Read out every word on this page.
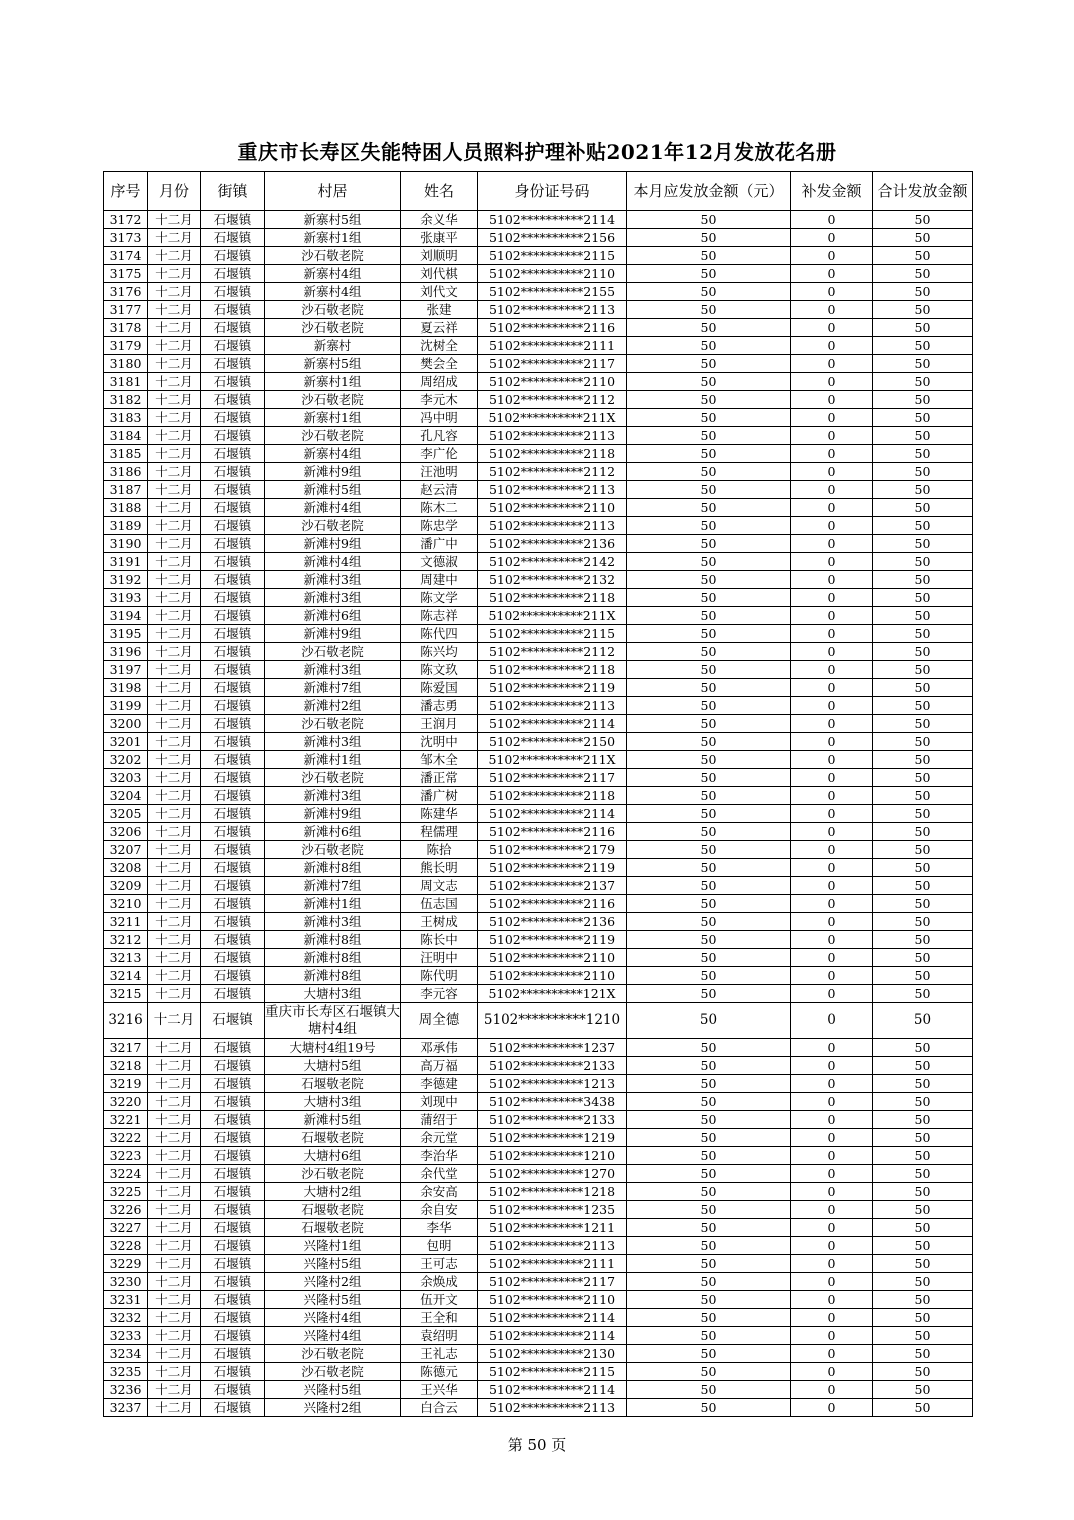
重庆市长寿区失能特困人员照料护理补贴2021年12月发放花名册
序号	月份	街镇	村居	姓名	身份证号码	本月应发放金额（元）	补发金额	合计发放金额
3172	十二月	石堰镇	新寨村5组	余义华	5102**********2114	50	0	50
3173	十二月	石堰镇	新寨村1组	张康平	5102**********2156	50	0	50
3174	十二月	石堰镇	沙石敬老院	刘顺明	5102**********2115	50	0	50
3175	十二月	石堰镇	新寨村4组	刘代棋	5102**********2110	50	0	50
3176	十二月	石堰镇	新寨村4组	刘代文	5102**********2155	50	0	50
3177	十二月	石堰镇	沙石敬老院	张建	5102**********2113	50	0	50
3178	十二月	石堰镇	沙石敬老院	夏云祥	5102**********2116	50	0	50
3179	十二月	石堰镇	新寨村	沈树全	5102**********2111	50	0	50
3180	十二月	石堰镇	新寨村5组	樊会全	5102**********2117	50	0	50
3181	十二月	石堰镇	新寨村1组	周绍成	5102**********2110	50	0	50
3182	十二月	石堰镇	沙石敬老院	李元木	5102**********2112	50	0	50
3183	十二月	石堰镇	新寨村1组	冯中明	5102**********211X	50	0	50
3184	十二月	石堰镇	沙石敬老院	孔凡容	5102**********2113	50	0	50
3185	十二月	石堰镇	新寨村4组	李广伦	5102**********2118	50	0	50
3186	十二月	石堰镇	新滩村9组	汪池明	5102**********2112	50	0	50
3187	十二月	石堰镇	新滩村5组	赵云清	5102**********2113	50	0	50
3188	十二月	石堰镇	新滩村4组	陈木二	5102**********2110	50	0	50
3189	十二月	石堰镇	沙石敬老院	陈忠学	5102**********2113	50	0	50
3190	十二月	石堰镇	新滩村9组	潘广中	5102**********2136	50	0	50
3191	十二月	石堰镇	新滩村4组	文德淑	5102**********2142	50	0	50
3192	十二月	石堰镇	新滩村3组	周建中	5102**********2132	50	0	50
3193	十二月	石堰镇	新滩村3组	陈文学	5102**********2118	50	0	50
3194	十二月	石堰镇	新滩村6组	陈志祥	5102**********211X	50	0	50
3195	十二月	石堰镇	新滩村9组	陈代四	5102**********2115	50	0	50
3196	十二月	石堰镇	沙石敬老院	陈兴均	5102**********2112	50	0	50
3197	十二月	石堰镇	新滩村3组	陈文玖	5102**********2118	50	0	50
3198	十二月	石堰镇	新滩村7组	陈爱国	5102**********2119	50	0	50
3199	十二月	石堰镇	新滩村2组	潘志勇	5102**********2113	50	0	50
3200	十二月	石堰镇	沙石敬老院	王润月	5102**********2114	50	0	50
3201	十二月	石堰镇	新滩村3组	沈明中	5102**********2150	50	0	50
3202	十二月	石堰镇	新滩村1组	邹木全	5102**********211X	50	0	50
3203	十二月	石堰镇	沙石敬老院	潘正常	5102**********2117	50	0	50
3204	十二月	石堰镇	新滩村3组	潘广树	5102**********2118	50	0	50
3205	十二月	石堰镇	新滩村9组	陈建华	5102**********2114	50	0	50
3206	十二月	石堰镇	新滩村6组	程儒理	5102**********2116	50	0	50
3207	十二月	石堰镇	沙石敬老院	陈拾	5102**********2179	50	0	50
3208	十二月	石堰镇	新滩村8组	熊长明	5102**********2119	50	0	50
3209	十二月	石堰镇	新滩村7组	周文志	5102**********2137	50	0	50
3210	十二月	石堰镇	新滩村1组	伍志国	5102**********2116	50	0	50
3211	十二月	石堰镇	新滩村3组	王树成	5102**********2136	50	0	50
3212	十二月	石堰镇	新滩村8组	陈长中	5102**********2119	50	0	50
3213	十二月	石堰镇	新滩村8组	汪明中	5102**********2110	50	0	50
3214	十二月	石堰镇	新滩村8组	陈代明	5102**********2110	50	0	50
3215	十二月	石堰镇	大塘村3组	李元容	5102**********121X	50	0	50
3216	十二月	石堰镇	重庆市长寿区石堰镇大塘村4组	周全德	5102**********1210	50	0	50
3217	十二月	石堰镇	大塘村4组19号	邓承伟	5102**********1237	50	0	50
3218	十二月	石堰镇	大塘村5组	高万福	5102**********2133	50	0	50
3219	十二月	石堰镇	石堰敬老院	李德建	5102**********1213	50	0	50
3220	十二月	石堰镇	大塘村3组	刘现中	5102**********3438	50	0	50
3221	十二月	石堰镇	新滩村5组	蒲绍于	5102**********2133	50	0	50
3222	十二月	石堰镇	石堰敬老院	余元堂	5102**********1219	50	0	50
3223	十二月	石堰镇	大塘村6组	李治华	5102**********1210	50	0	50
3224	十二月	石堰镇	沙石敬老院	余代堂	5102**********1270	50	0	50
3225	十二月	石堰镇	大塘村2组	余安高	5102**********1218	50	0	50
3226	十二月	石堰镇	石堰敬老院	余自安	5102**********1235	50	0	50
3227	十二月	石堰镇	石堰敬老院	李华	5102**********1211	50	0	50
3228	十二月	石堰镇	兴隆村1组	包明	5102**********2113	50	0	50
3229	十二月	石堰镇	兴隆村5组	王可志	5102**********2111	50	0	50
3230	十二月	石堰镇	兴隆村2组	余焕成	5102**********2117	50	0	50
3231	十二月	石堰镇	兴隆村5组	伍开文	5102**********2110	50	0	50
3232	十二月	石堰镇	兴隆村4组	王全和	5102**********2114	50	0	50
3233	十二月	石堰镇	兴隆村4组	袁绍明	5102**********2114	50	0	50
3234	十二月	石堰镇	沙石敬老院	王礼志	5102**********2130	50	0	50
3235	十二月	石堰镇	沙石敬老院	陈德元	5102**********2115	50	0	50
3236	十二月	石堰镇	兴隆村5组	王兴华	5102**********2114	50	0	50
3237	十二月	石堰镇	兴隆村2组	白合云	5102**********2113	50	0	50
第 50 页
